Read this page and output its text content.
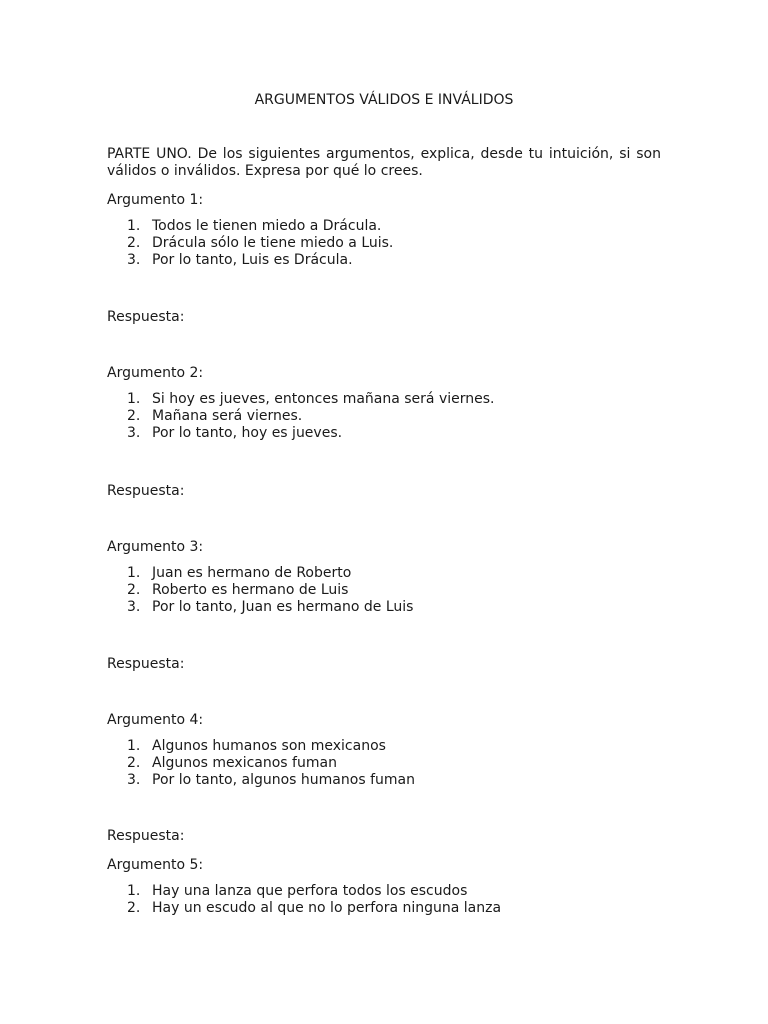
ARGUMENTOS VÁLIDOS E INVÁLIDOS

PARTE UNO. De los siguientes argumentos, explica, desde tu intuición, si son válidos o inválidos. Expresa por qué lo crees.

Argumento 1:

1. Todos le tienen miedo a Drácula.
2. Drácula sólo le tiene miedo a Luis.
3. Por lo tanto, Luis es Drácula.

Respuesta:

Argumento 2:

1. Si hoy es jueves, entonces mañana será viernes.
2. Mañana será viernes.
3. Por lo tanto, hoy es jueves.

Respuesta:

Argumento 3:

1. Juan es hermano de Roberto
2. Roberto es hermano de Luis
3. Por lo tanto, Juan es hermano de Luis

Respuesta:

Argumento 4:

1. Algunos humanos son mexicanos
2. Algunos mexicanos fuman
3. Por lo tanto, algunos humanos fuman

Respuesta:

Argumento 5:

1. Hay una lanza que perfora todos los escudos
2. Hay un escudo al que no lo perfora ninguna lanza
